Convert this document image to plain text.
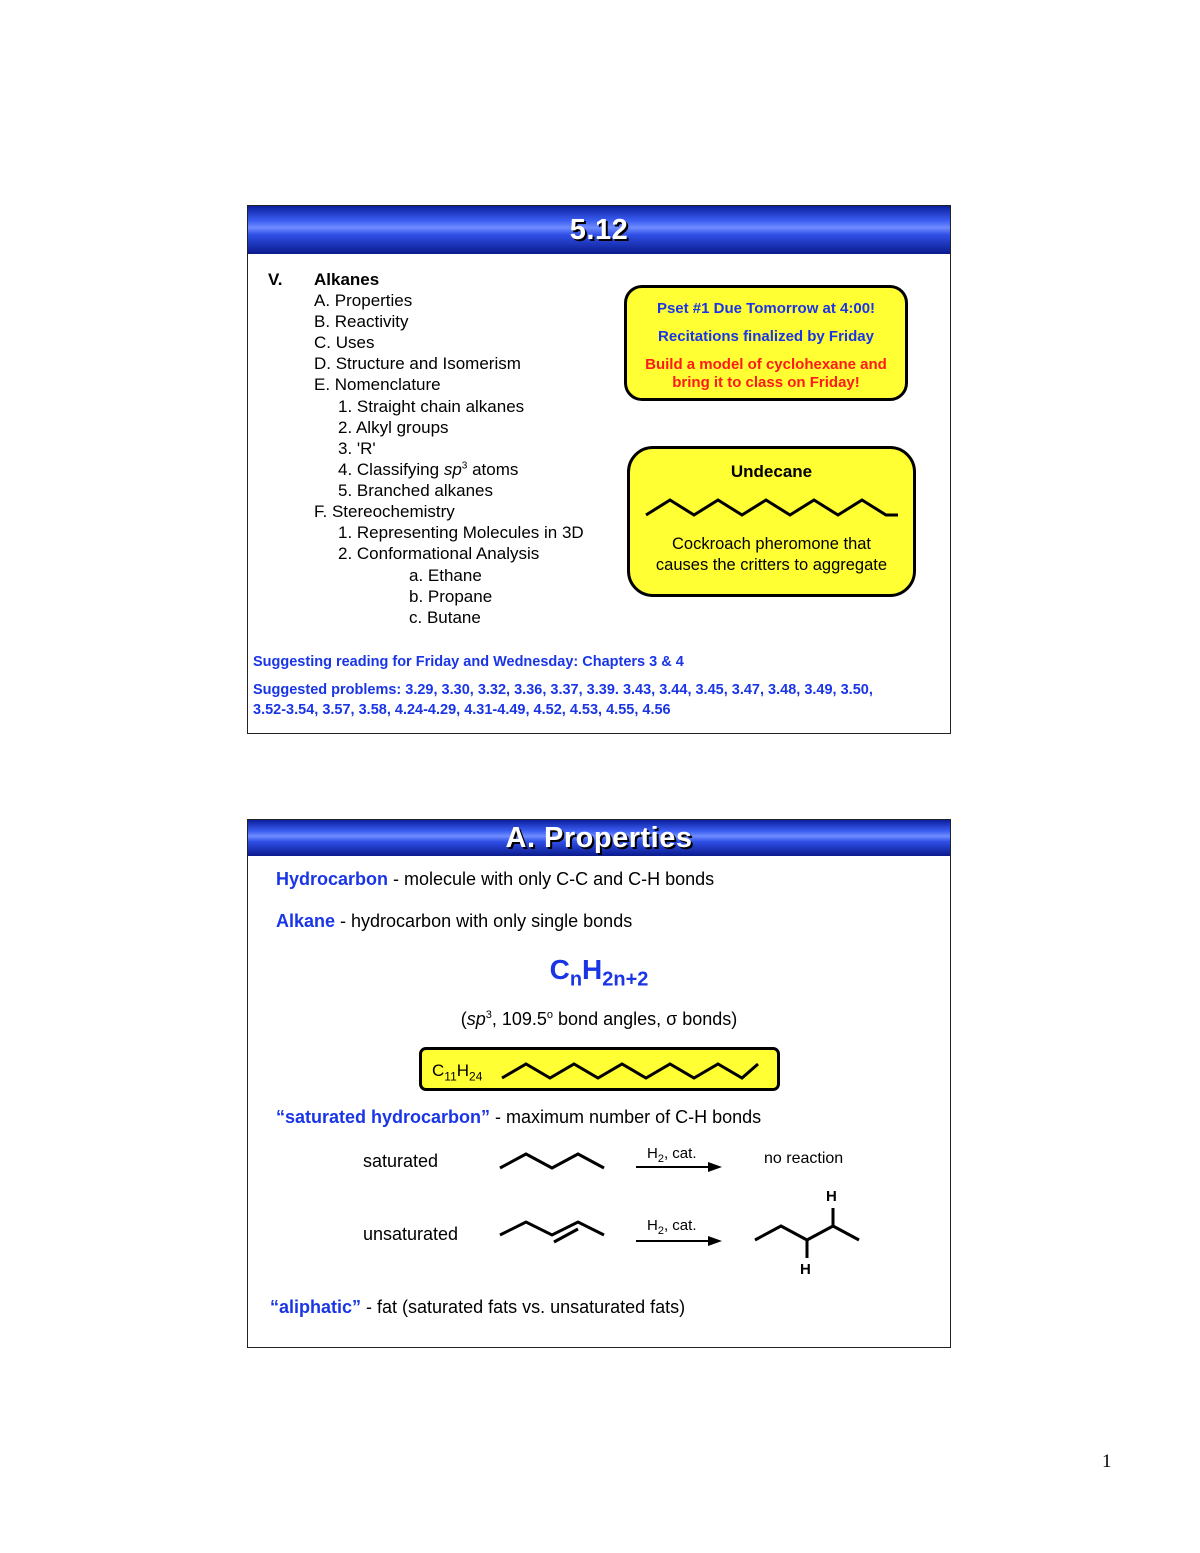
5.12
V. Alkanes
A. Properties
B. Reactivity
C. Uses
D. Structure and Isomerism
E. Nomenclature
1. Straight chain alkanes
2. Alkyl groups
3. 'R'
4. Classifying $sp^3$ atoms
5. Branched alkanes
F. Stereochemistry
1. Representing Molecules in 3D
2. Conformational Analysis
a. Ethane
b. Propane
c. Butane
Pset #1 Due Tomorrow at 4:00!
Recitations finalized by Friday
Build a model of cyclohexane and
bring it to class on Friday!
Undecane
Cockroach pheromone that
causes the critters to aggregate
Suggesting reading for Friday and Wednesday: Chapters 3 & 4
Suggested problems: 3.29, 3.30, 3.32, 3.36, 3.37, 3.39. 3.43, 3.44, 3.45, 3.47, 3.48, 3.49, 3.50,
3.52-3.54, 3.57, 3.58, 4.24-4.29, 4.31-4.49, 4.52, 4.53, 4.55, 4.56
A. Properties
Hydrocarbon - molecule with only C-C and C-H bonds
Alkane - hydrocarbon with only single bonds
$C_nH_{2n+2}$
($sp^3$, 109.5$^o$ bond angles, σ bonds)
$C_{11}H_{24}$
“saturated hydrocarbon” - maximum number of C-H bonds
saturated	$H_2$, cat.	no reaction
unsaturated	$H_2$, cat.
H
H
“aliphatic” - fat (saturated fats vs. unsaturated fats)
1
